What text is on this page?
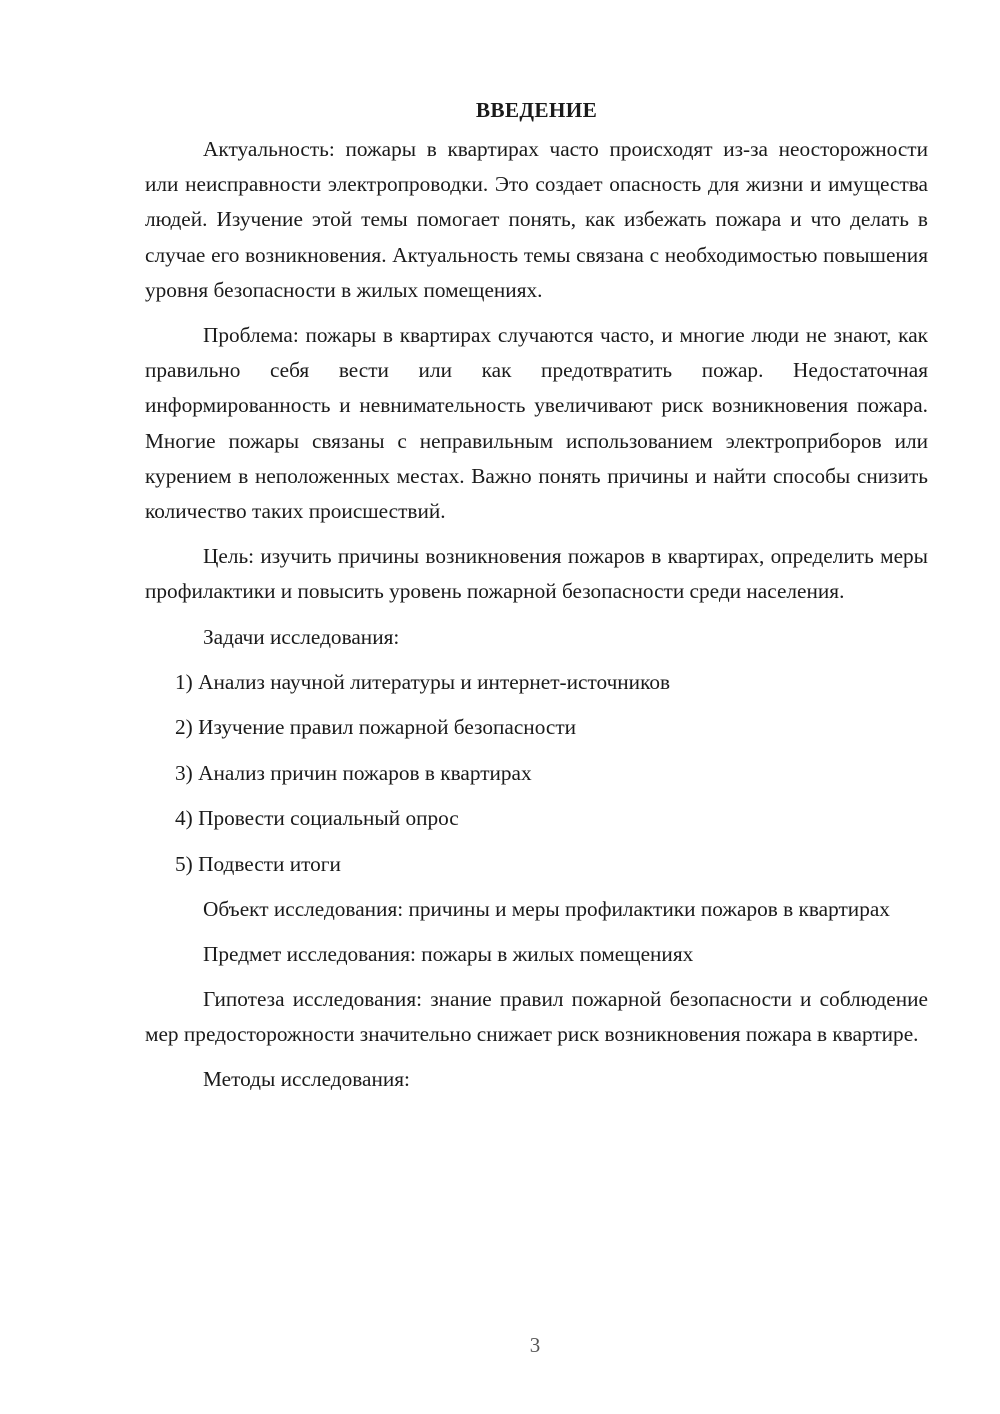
ВВЕДЕНИЕ

Актуальность: пожары в квартирах часто происходят из-за неосторожности или неисправности электропроводки. Это создает опасность для жизни и имущества людей. Изучение этой темы помогает понять, как избежать пожара и что делать в случае его возникновения. Актуальность темы связана с необходимостью повышения уровня безопасности в жилых помещениях.

Проблема: пожары в квартирах случаются часто, и многие люди не знают, как правильно себя вести или как предотвратить пожар. Недостаточная информированность и невнимательность увеличивают риск возникновения пожара. Многие пожары связаны с неправильным использованием электроприборов или курением в неположенных местах. Важно понять причины и найти способы снизить количество таких происшествий.

Цель: изучить причины возникновения пожаров в квартирах, определить меры профилактики и повысить уровень пожарной безопасности среди населения.

Задачи исследования:

1) Анализ научной литературы и интернет-источников
2) Изучение правил пожарной безопасности
3) Анализ причин пожаров в квартирах
4) Провести социальный опрос
5) Подвести итоги

Объект исследования: причины и меры профилактики пожаров в квартирах

Предмет исследования: пожары в жилых помещениях

Гипотеза исследования: знание правил пожарной безопасности и соблюдение мер предосторожности значительно снижает риск возникновения пожара в квартире.

Методы исследования:

3
